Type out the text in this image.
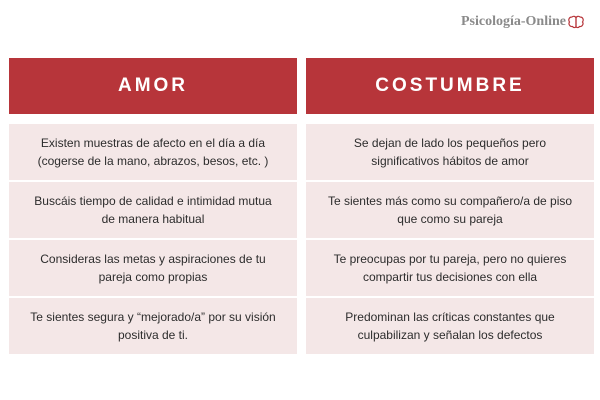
Psicología-Online
AMOR
Existen muestras de afecto en el día a día (cogerse de la mano, abrazos, besos, etc. )
Buscáis tiempo de calidad e intimidad mutua de manera habitual
Consideras las metas y aspiraciones de tu pareja como propias
Te sientes segura y “mejorado/a” por su visión positiva de ti.
COSTUMBRE
Se dejan de lado los pequeños pero significativos hábitos de amor
Te sientes más como su compañero/a de piso que como su pareja
Te preocupas por tu pareja, pero no quieres compartir tus decisiones con ella
Predominan las críticas constantes que culpabilizan y señalan los defectos
